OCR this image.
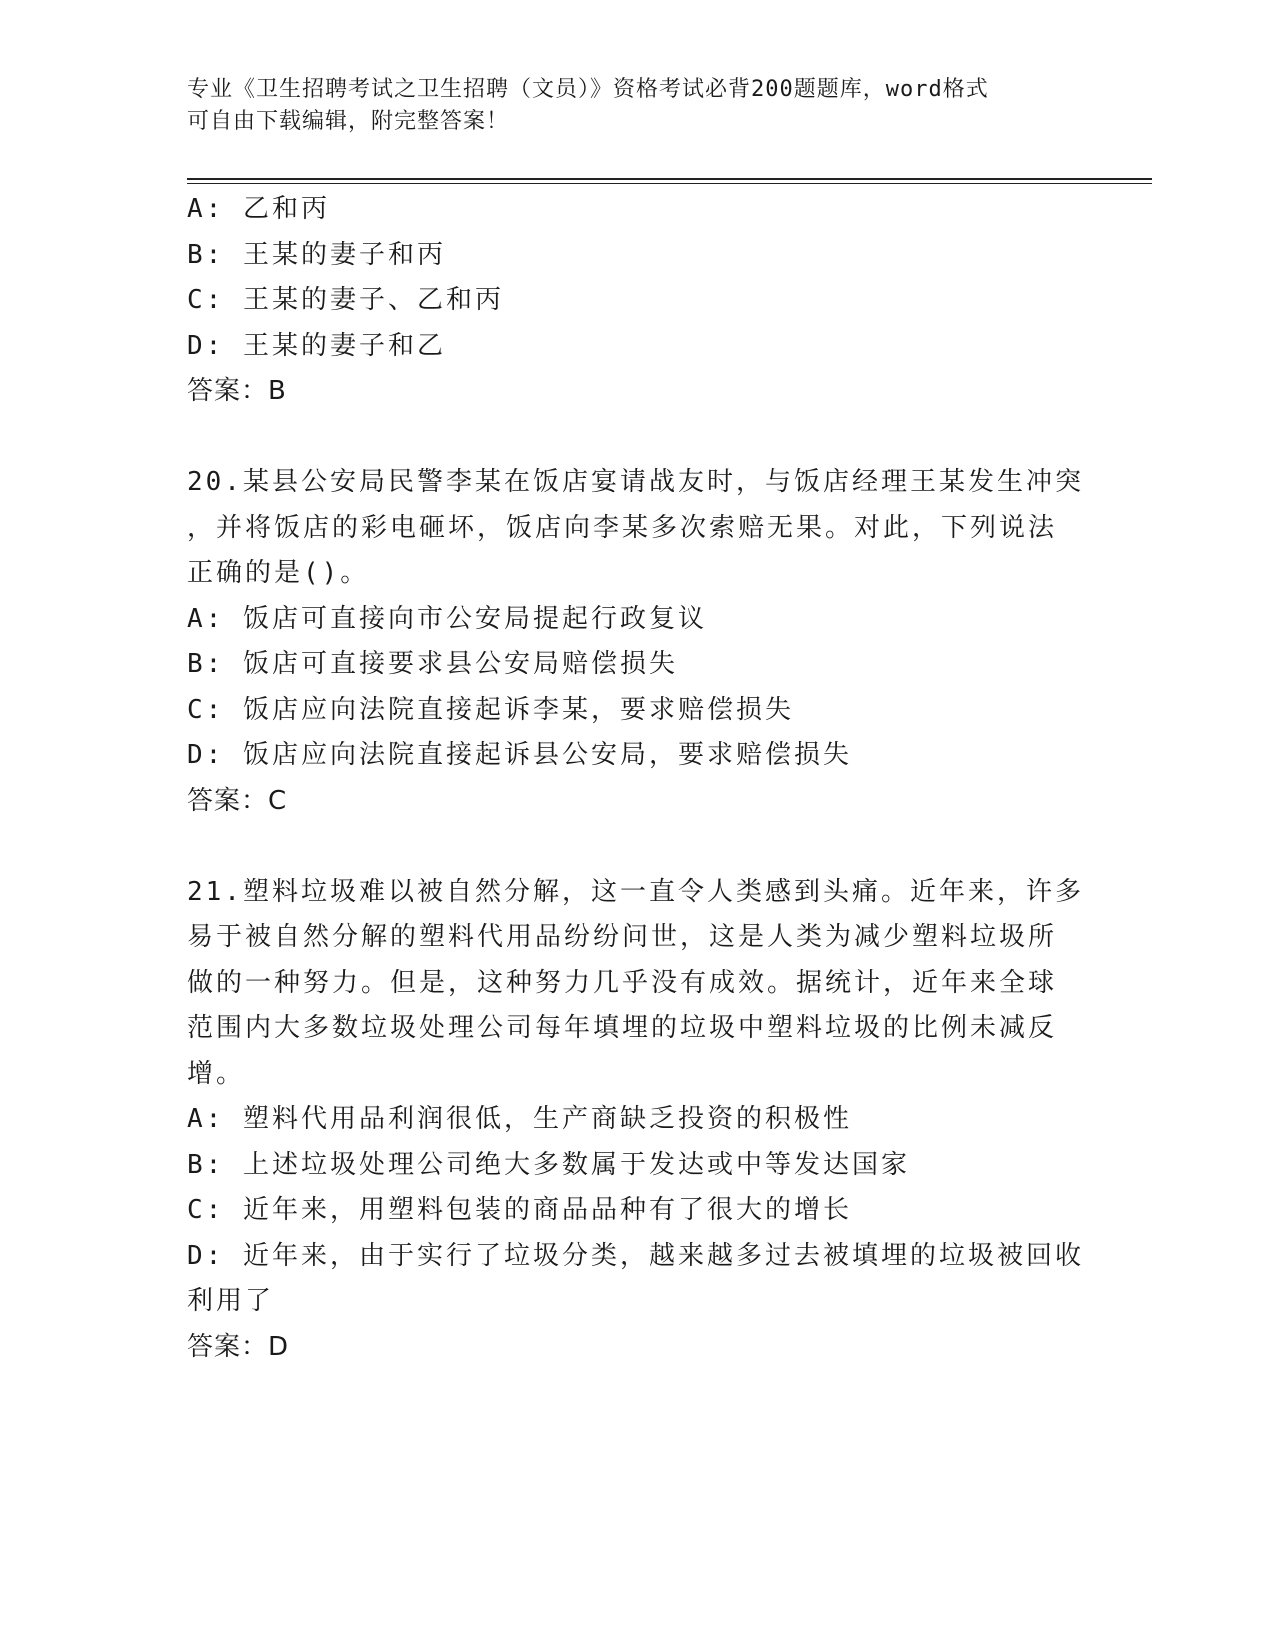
专业《卫生招聘考试之卫生招聘（文员）》资格考试必背200题题库，word格式
可自由下载编辑，附完整答案！
A: 乙和丙
B: 王某的妻子和丙
C: 王某的妻子、乙和丙
D: 王某的妻子和乙
答案：B
20.某县公安局民警李某在饭店宴请战友时，与饭店经理王某发生冲突
，并将饭店的彩电砸坏，饭店向李某多次索赔无果。对此，下列说法
正确的是()。
A: 饭店可直接向市公安局提起行政复议
B: 饭店可直接要求县公安局赔偿损失
C: 饭店应向法院直接起诉李某，要求赔偿损失
D: 饭店应向法院直接起诉县公安局，要求赔偿损失
答案：C
21.塑料垃圾难以被自然分解，这一直令人类感到头痛。近年来，许多
易于被自然分解的塑料代用品纷纷问世，这是人类为减少塑料垃圾所
做的一种努力。但是，这种努力几乎没有成效。据统计，近年来全球
范围内大多数垃圾处理公司每年填埋的垃圾中塑料垃圾的比例未减反
增。
A: 塑料代用品利润很低，生产商缺乏投资的积极性
B: 上述垃圾处理公司绝大多数属于发达或中等发达国家
C: 近年来，用塑料包装的商品品种有了很大的增长
D: 近年来，由于实行了垃圾分类，越来越多过去被填埋的垃圾被回收
利用了
答案：D
